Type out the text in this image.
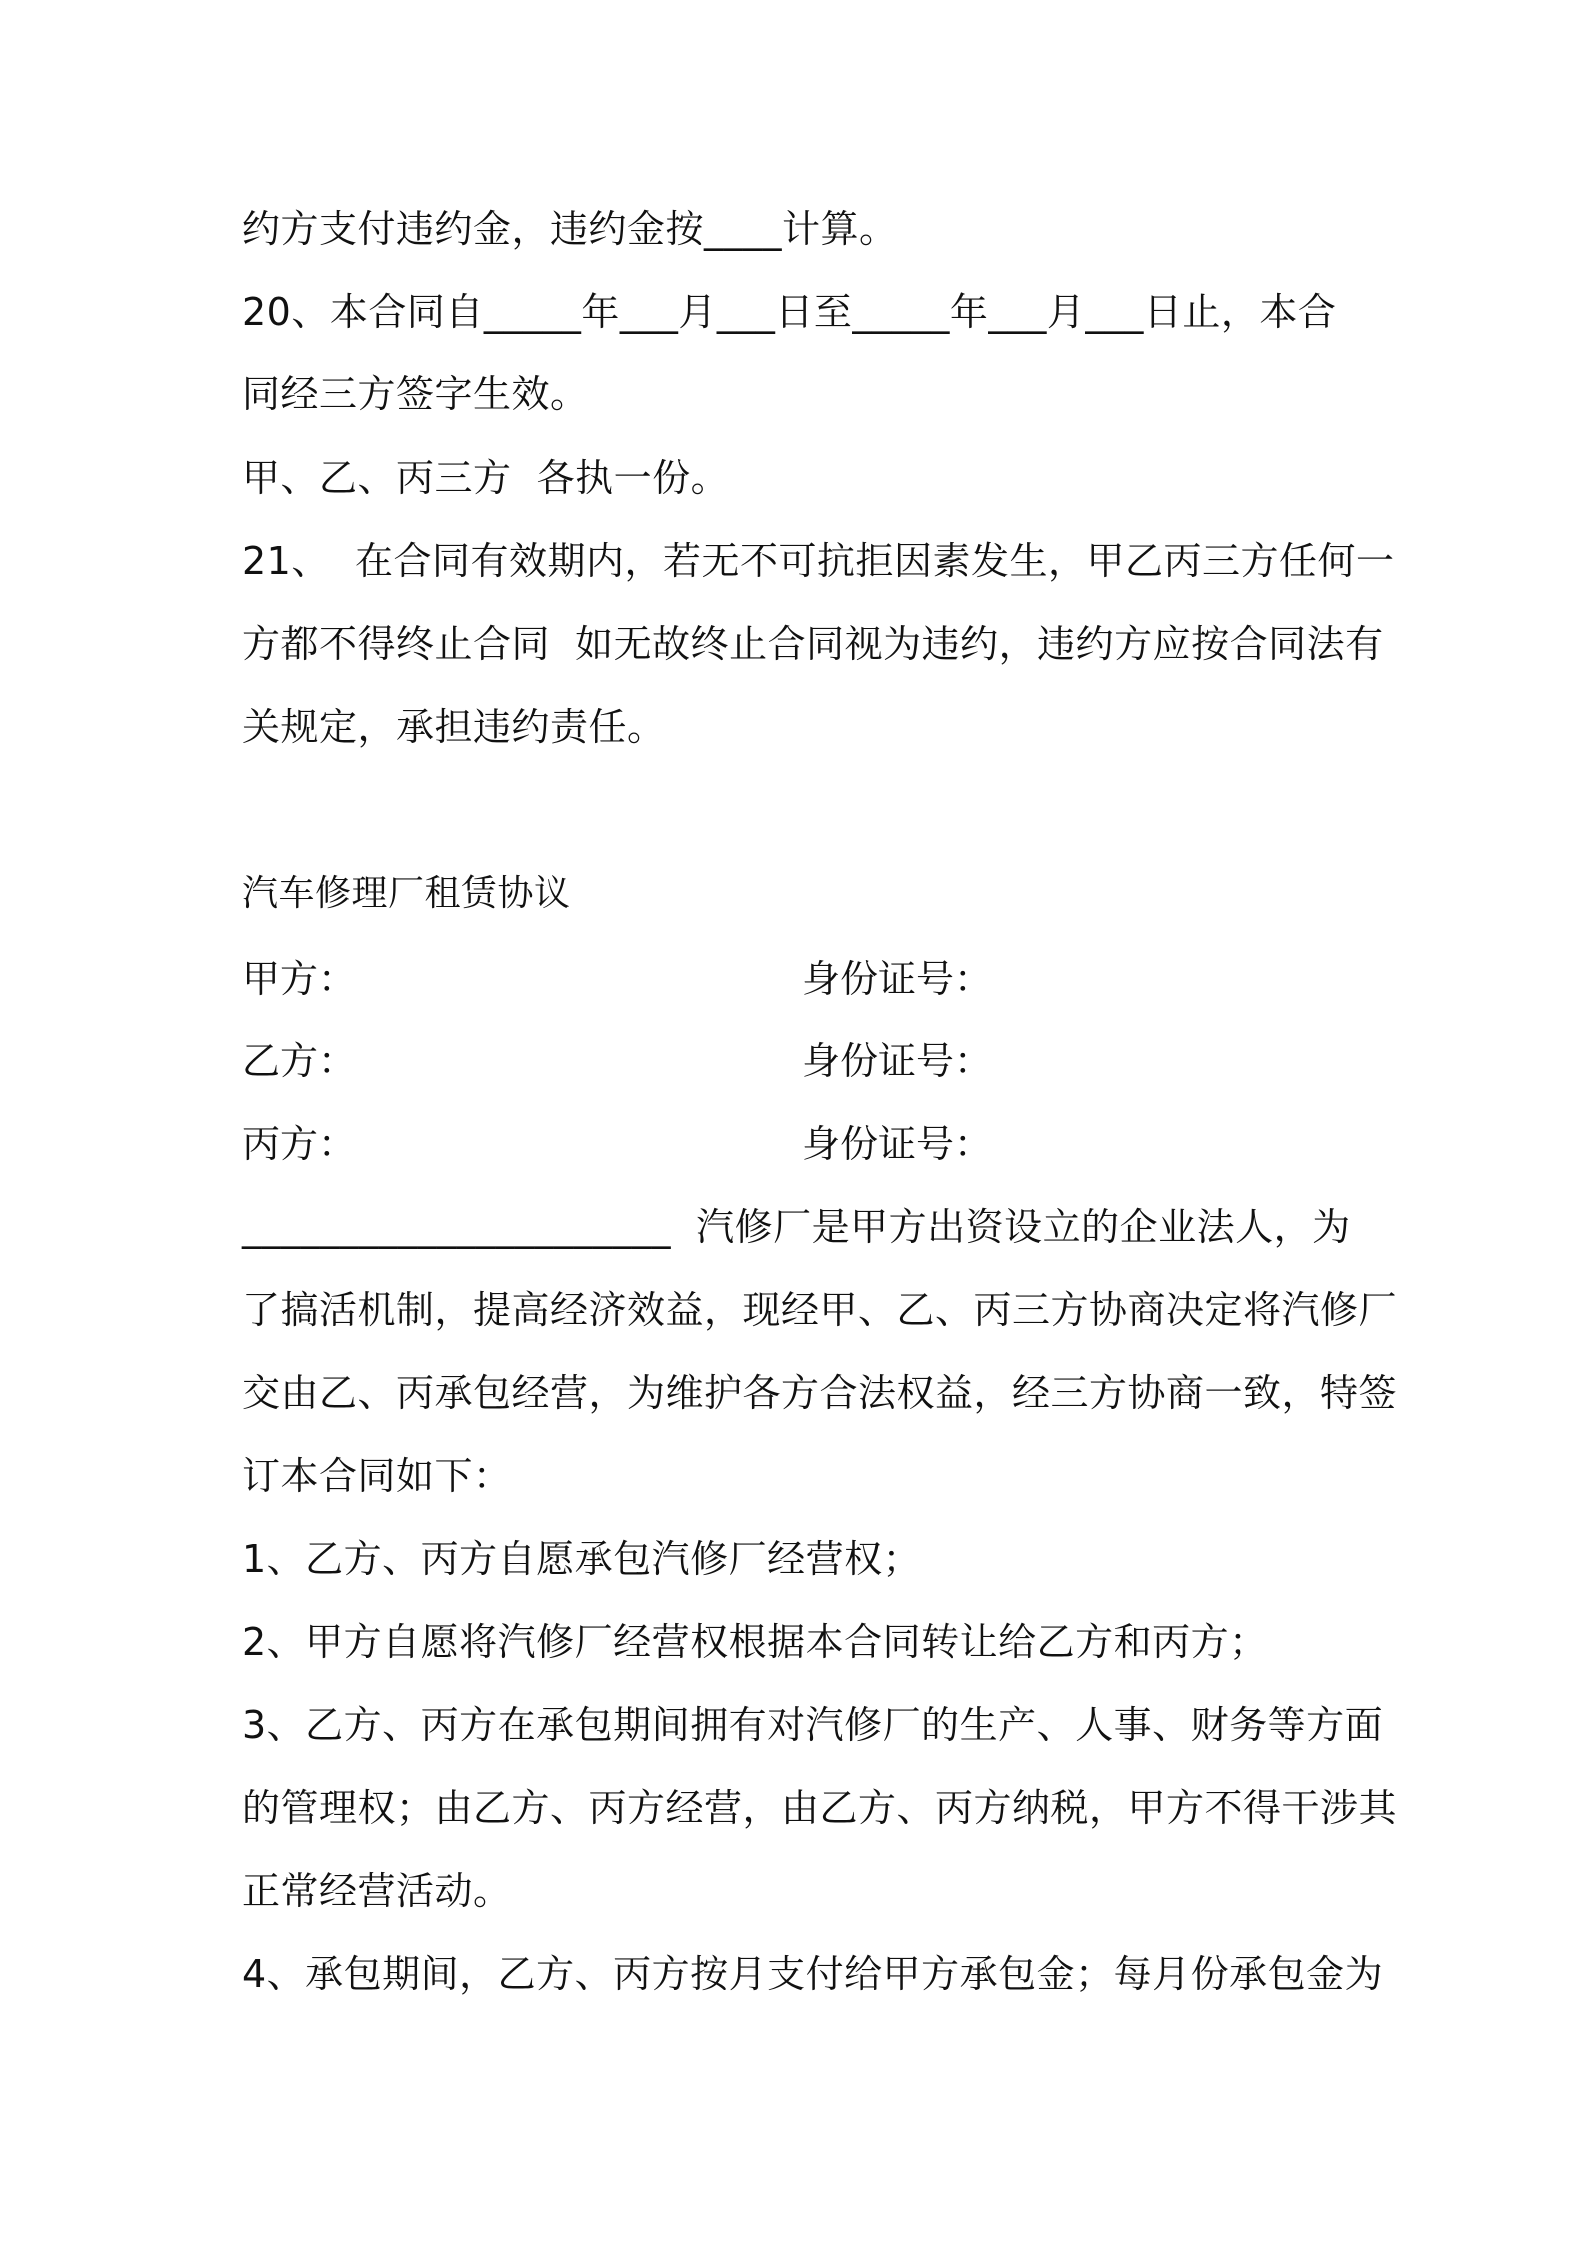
约方支付违约金，违约金按____计算。
20、本合同自_____年___月___日至_____年___月___日止，本合
同经三方签字生效。
甲、乙、丙三方  各执一份。
21、  在合同有效期内，若无不可抗拒因素发生，甲乙丙三方任何一
方都不得终止合同  如无故终止合同视为违约，违约方应按合同法有
关规定，承担违约责任。
汽车修理厂租赁协议
甲方：	身份证号：
乙方：	身份证号：
丙方：	身份证号：
______________________  汽修厂是甲方出资设立的企业法人，为
了搞活机制，提高经济效益，现经甲、乙、丙三方协商决定将汽修厂
交由乙、丙承包经营，为维护各方合法权益，经三方协商一致，特签
订本合同如下：
1、乙方、丙方自愿承包汽修厂经营权；
2、甲方自愿将汽修厂经营权根据本合同转让给乙方和丙方；
3、乙方、丙方在承包期间拥有对汽修厂的生产、人事、财务等方面
的管理权；由乙方、丙方经营，由乙方、丙方纳税，甲方不得干涉其
正常经营活动。
4、承包期间，乙方、丙方按月支付给甲方承包金；每月份承包金为
